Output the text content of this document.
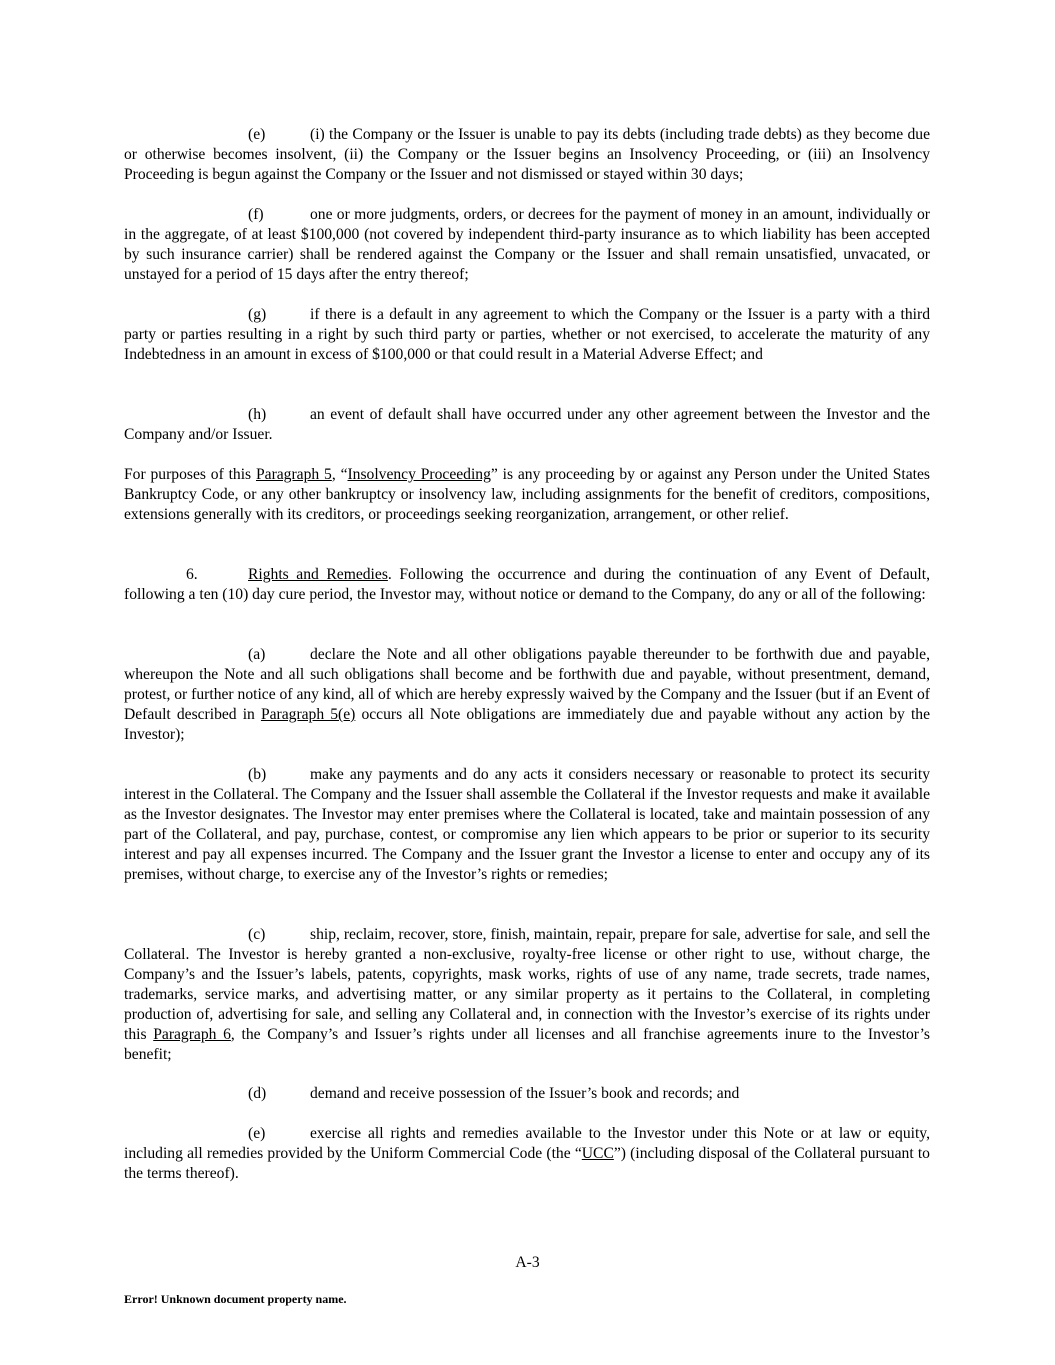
(e)	(i) the Company or the Issuer is unable to pay its debts (including trade debts) as they become due or otherwise becomes insolvent, (ii) the Company or the Issuer begins an Insolvency Proceeding, or (iii) an Insolvency Proceeding is begun against the Company or the Issuer and not dismissed or stayed within 30 days;

(f)	one or more judgments, orders, or decrees for the payment of money in an amount, individually or in the aggregate, of at least $100,000 (not covered by independent third-party insurance as to which liability has been accepted by such insurance carrier) shall be rendered against the Company or the Issuer and shall remain unsatisfied, unvacated, or unstayed for a period of 15 days after the entry thereof;

(g)	if there is a default in any agreement to which the Company or the Issuer is a party with a third party or parties resulting in a right by such third party or parties, whether or not exercised, to accelerate the maturity of any Indebtedness in an amount in excess of $100,000 or that could result in a Material Adverse Effect; and

(h)	an event of default shall have occurred under any other agreement between the Investor and the Company and/or Issuer.

For purposes of this Paragraph 5, “Insolvency Proceeding” is any proceeding by or against any Person under the United States Bankruptcy Code, or any other bankruptcy or insolvency law, including assignments for the benefit of creditors, compositions, extensions generally with its creditors, or proceedings seeking reorganization, arrangement, or other relief.

6.	Rights and Remedies. Following the occurrence and during the continuation of any Event of Default, following a ten (10) day cure period, the Investor may, without notice or demand to the Company, do any or all of the following:

(a)	declare the Note and all other obligations payable thereunder to be forthwith due and payable, whereupon the Note and all such obligations shall become and be forthwith due and payable, without presentment, demand, protest, or further notice of any kind, all of which are hereby expressly waived by the Company and the Issuer (but if an Event of Default described in Paragraph 5(e) occurs all Note obligations are immediately due and payable without any action by the Investor);

(b)	make any payments and do any acts it considers necessary or reasonable to protect its security interest in the Collateral. The Company and the Issuer shall assemble the Collateral if the Investor requests and make it available as the Investor designates. The Investor may enter premises where the Collateral is located, take and maintain possession of any part of the Collateral, and pay, purchase, contest, or compromise any lien which appears to be prior or superior to its security interest and pay all expenses incurred. The Company and the Issuer grant the Investor a license to enter and occupy any of its premises, without charge, to exercise any of the Investor’s rights or remedies;

(c)	ship, reclaim, recover, store, finish, maintain, repair, prepare for sale, advertise for sale, and sell the Collateral. The Investor is hereby granted a non-exclusive, royalty-free license or other right to use, without charge, the Company’s and the Issuer’s labels, patents, copyrights, mask works, rights of use of any name, trade secrets, trade names, trademarks, service marks, and advertising matter, or any similar property as it pertains to the Collateral, in completing production of, advertising for sale, and selling any Collateral and, in connection with the Investor’s exercise of its rights under this Paragraph 6, the Company’s and Issuer’s rights under all licenses and all franchise agreements inure to the Investor’s benefit;

(d)	demand and receive possession of the Issuer’s book and records; and

(e)	exercise all rights and remedies available to the Investor under this Note or at law or equity, including all remedies provided by the Uniform Commercial Code (the “UCC”) (including disposal of the Collateral pursuant to the terms thereof).

A-3
Error! Unknown document property name.
